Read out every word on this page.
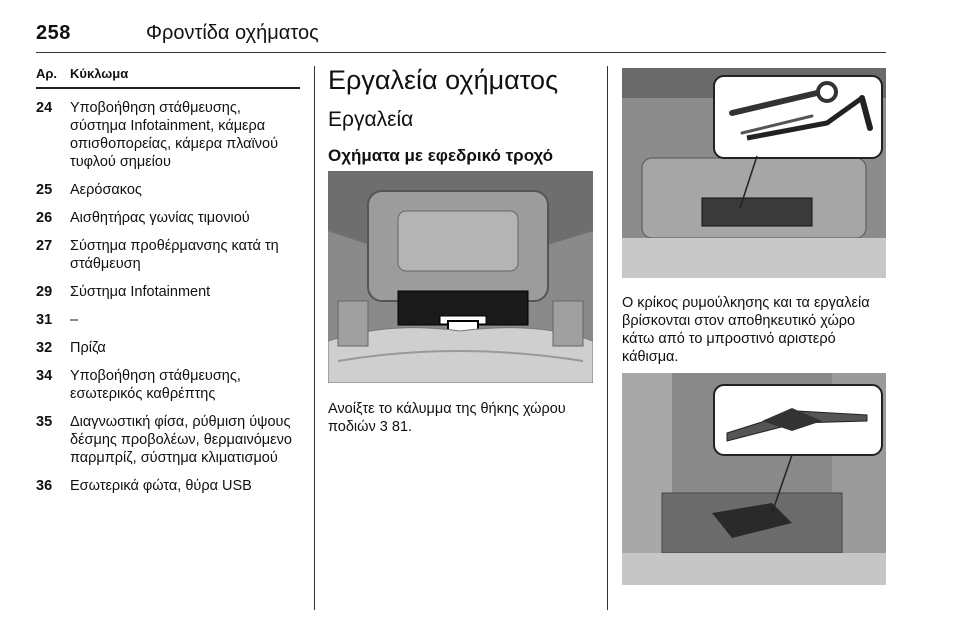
258	Φροντίδα οχήματος
Αρ. Κύκλωμα
24	Υποβοήθηση στάθμευσης, σύστημα Infotainment, κάμερα οπισθοπορείας, κάμερα πλαϊνού τυφλού σημείου
25	Αερόσακος
26	Αισθητήρας γωνίας τιμονιού
27	Σύστημα προθέρμανσης κατά τη στάθμευση
29	Σύστημα Infotainment
31	–
32	Πρίζα
34	Υποβοήθηση στάθμευσης, εσωτερικός καθρέπτης
35	Διαγνωστική φίσα, ρύθμιση ύψους δέσμης προβολέων, θερμαινόμενο παρμπρίζ, σύστημα κλιματισμού
36	Εσωτερικά φώτα, θύρα USB
Εργαλεία οχήματος
Εργαλεία
Οχήματα με εφεδρικό τροχό
Ανοίξτε το κάλυμμα της θήκης χώρου ποδιών 3 81.
Ο κρίκος ρυμούλκησης και τα εργαλεία βρίσκονται στον αποθηκευτικό χώρο κάτω από το μπροστινό αριστερό κάθισμα.
